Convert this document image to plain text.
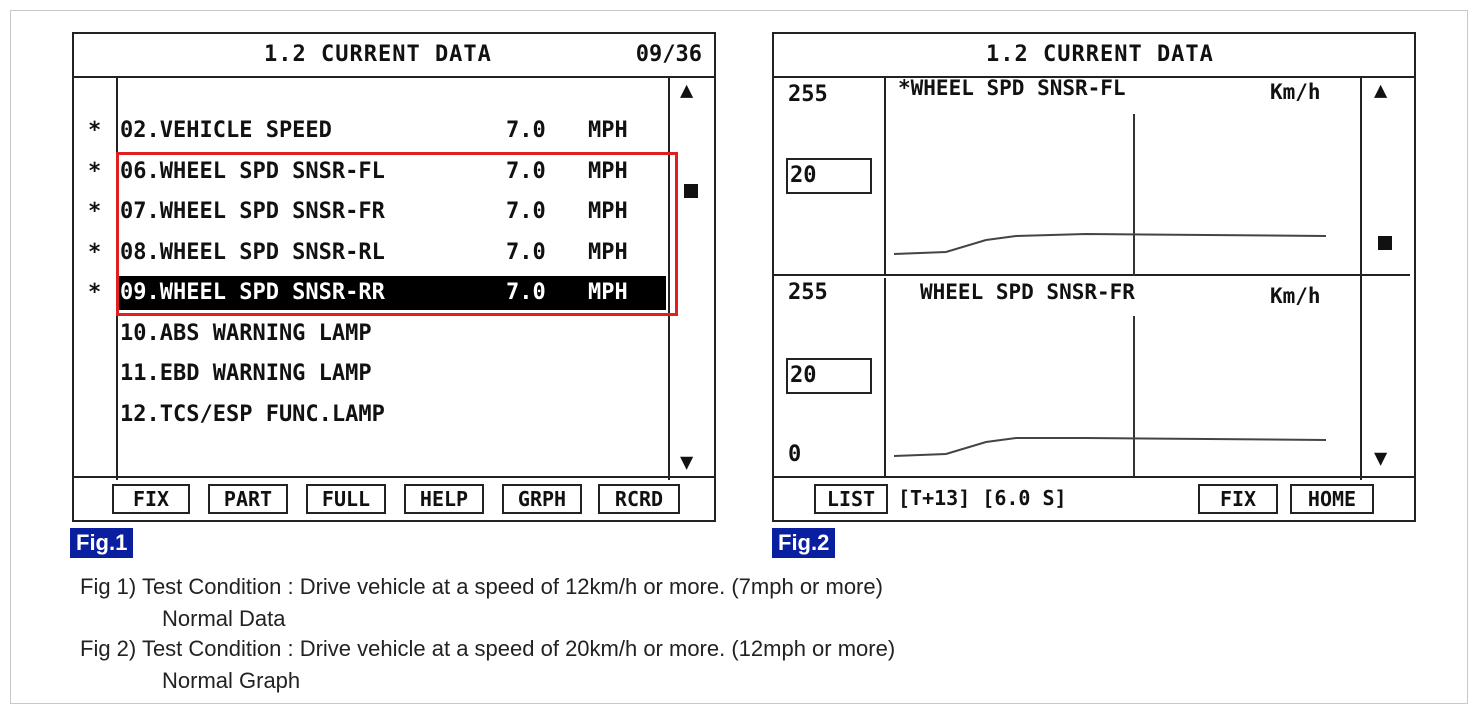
1.2 CURRENT DATA	09/36
* 02.VEHICLE SPEED	7.0 MPH
* 06.WHEEL SPD SNSR-FL	7.0 MPH
* 07.WHEEL SPD SNSR-FR	7.0 MPH
* 08.WHEEL SPD SNSR-RL	7.0 MPH
* 09.WHEEL SPD SNSR-RR	7.0 MPH
10.ABS WARNING LAMP
11.EBD WARNING LAMP
12.TCS/ESP FUNC.LAMP
▲
▼
FIX	PART	FULL	HELP	GRPH	RCRD
Fig.1
1.2 CURRENT DATA
255
20
*WHEEL SPD SNSR-FL	Km/h
255
20
0
WHEEL SPD SNSR-FR	Km/h
▲
▼
LIST	[T+13] [6.0 S]	FIX	HOME
Fig.2
Fig 1) Test Condition : Drive vehicle at a speed of 12km/h or more. (7mph or more)
Normal Data
Fig 2) Test Condition : Drive vehicle at a speed of 20km/h or more. (12mph or more)
Normal Graph
